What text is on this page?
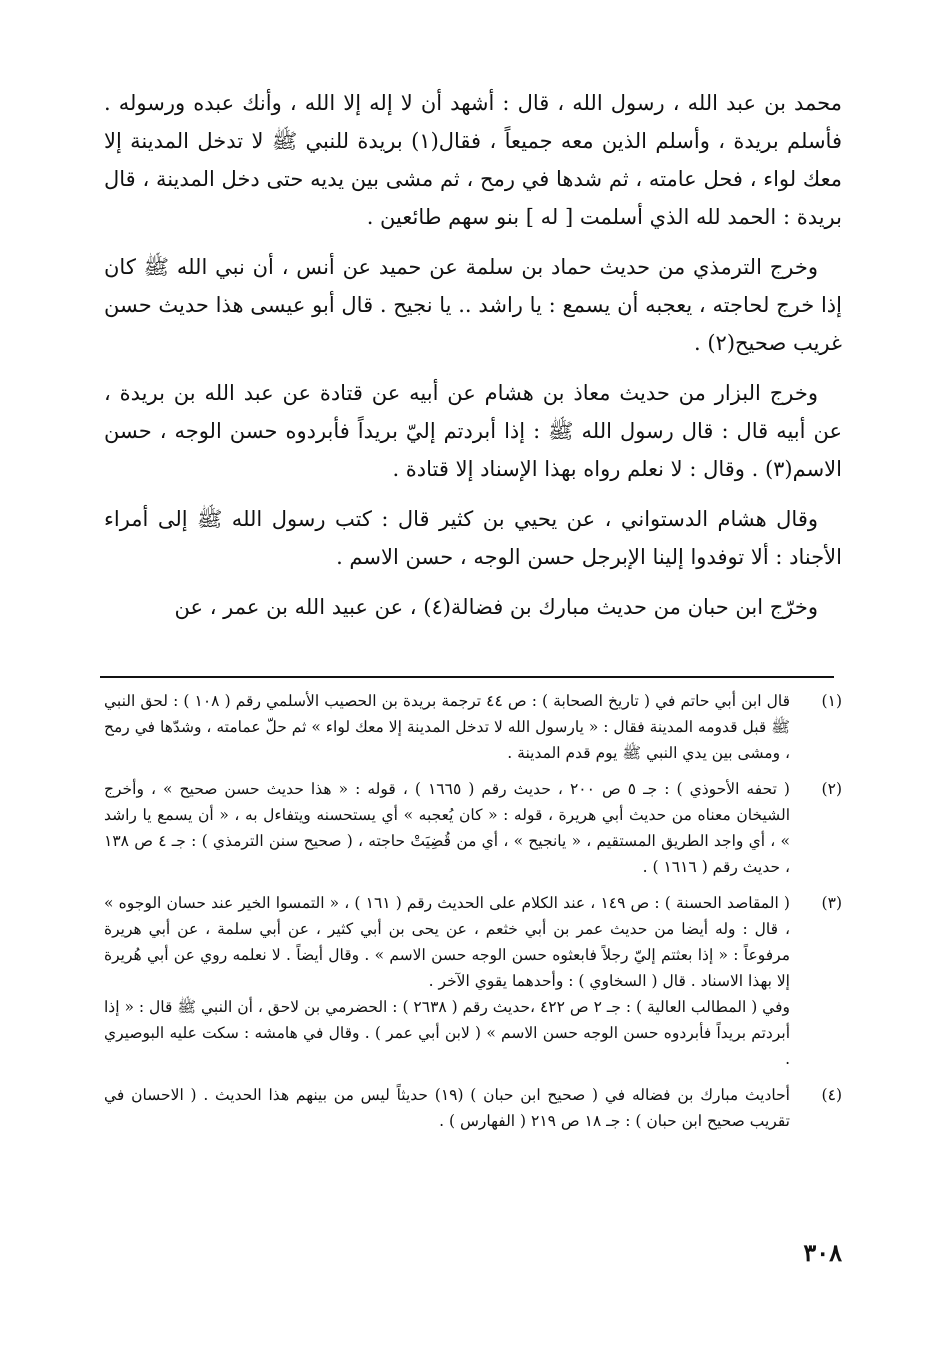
محمد بن عبد الله ، رسول الله ، قال : أشهد أن لا إله إلا الله ، وأنك عبده ورسوله . فأسلم بريدة ، وأسلم الذين معه جميعاً ، فقال(١) بريدة للنبي ﷺ لا تدخل المدينة إلا معك لواء ، فحل عامته ، ثم شدها في رمح ، ثم مشى بين يديه حتى دخل المدينة ، قال بريدة : الحمد لله الذي أسلمت [ له ] بنو سهم طائعين .

وخرج الترمذي من حديث حماد بن سلمة عن حميد عن أنس ، أن نبي الله ﷺ كان إذا خرج لحاجته ، يعجبه أن يسمع : يا راشد .. يا نجيح . قال أبو عيسى هذا حديث حسن غريب صحيح(٢) .

وخرج البزار من حديث معاذ بن هشام عن أبيه عن قتادة عن عبد الله بن بريدة ، عن أبيه قال : قال رسول الله ﷺ : إذا أبردتم إليّ بريداً فأبردوه حسن الوجه ، حسن الاسم(٣) . وقال : لا نعلم رواه بهذا الإسناد إلا قتادة .

وقال هشام الدستواني ، عن يحيي بن كثير قال : كتب رسول الله ﷺ إلى أمراء الأجناد : ألا توفدوا إلينا الإبرجل حسن الوجه ، حسن الاسم .

وخرّج ابن حبان من حديث مبارك بن فضالة(٤) ، عن عبيد الله بن عمر ، عن

(١)

قال ابن أبي حاتم في ( تاريخ الصحابة ) : ص ٤٤ ترجمة بريدة بن الحصيب الأسلمي رقم ( ١٠٨ ) : لحق النبي ﷺ قبل قدومه المدينة فقال : « يارسول الله لا تدخل المدينة إلا معك لواء » ثم حلّ عمامته ، وشدّها في رمح ، ومشى بين يدي النبي ﷺ يوم قدم المدينة .

(٢)

( تحفه الأحوذي ) : جـ ٥ ص ٢٠٠ ، حديث رقم ( ١٦٦٥ ) ، قوله : « هذا حديث حسن صحيح » ، وأخرج الشيخان معناه من حديث أبي هريرة ، قوله : « كان يُعجبه » أي يستحسنه ويتفاءل به ، « أن يسمع يا راشد » ، أي واجد الطريق المستقيم ، « يانجيح » ، أي من قُضِيَتْ حاجته ، ( صحيح سنن الترمذي ) : جـ ٤ ص ١٣٨ ، حديث رقم ( ١٦١٦ ) .

(٣)

( المقاصد الحسنة ) : ص ١٤٩ ، عند الكلام على الحديث رقم ( ١٦١ ) ، « التمسوا الخير عند حسان الوجوه » ، قال : وله أيضا من حديث عمر بن أبي خثعم ، عن يحى بن أبي كثير ، عن أبي سلمة ، عن أبي هريرة مرفوعاً : « إذا بعثتم إليّ رجلاً فابعثوه حسن الوجه حسن الاسم » . وقال أيضاً . لا نعلمه روي عن أبي هُريرة إلا بهذا الاسناد . قال ( السخاوي ) : وأحدهما يقوي الآخر .

وفي ( المطالب العالية ) : جـ ٢ ص ٤٢٢ ،حديث رقم ( ٢٦٣٨ ) : الحضرمي بن لاحق ، أن النبي ﷺ قال : « إذا أبردتم بريداً فأبردوه حسن الوجه حسن الاسم » ( لابن أبي عمر ) . وقال في هامشه : سكت عليه البوصيري .

(٤)

أحاديث مبارك بن فضاله في ( صحيح ابن حبان ) (١٩) حديثاً ليس من بينهم هذا الحديث . ( الاحسان في تقريب صحيح ابن حبان ) : جـ ١٨ ص ٢١٩ ( الفهارس ) .

٣٠٨
